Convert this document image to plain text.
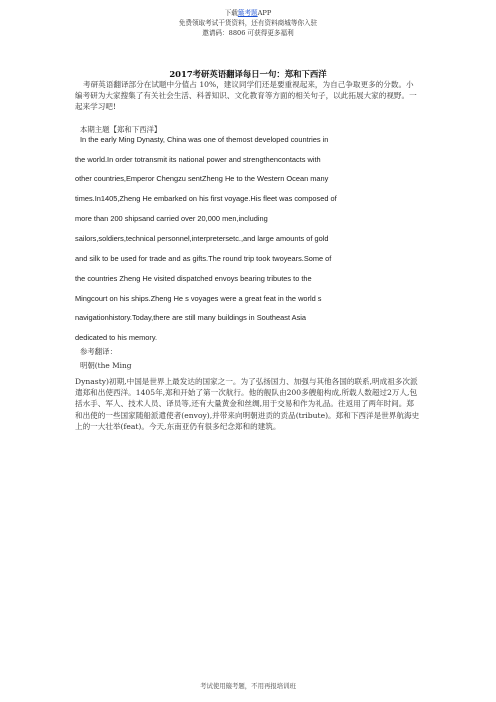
下载簸考题APP
免费领取考试干货资料，还有资料商城等你入驻
邀请码：8806 可获得更多福利
2017考研英语翻译每日一句：郑和下西洋
考研英语翻译部分在试题中分值占 10%，建议同学们还是要重视起来，为自己争取更多的分数。小编考研为大家搜集了有关社会生活、科普知识、文化教育等方面的相关句子，以此拓展大家的视野。一起来学习吧!
本期主题【郑和下西洋】
In the early Ming Dynasty, China was one of themost developed countries in
the world.In order totransmit its national power and strengthencontacts with
other countries,Emperor Chengzu sentZheng He to the Western Ocean many
times.In1405,Zheng He embarked on his first voyage.His fleet was composed of
more than 200 shipsand carried over 20,000 men,including
sailors,soldiers,technical personnel,interpretersetc.,and large amounts of gold
and silk to be used for trade and as gifts.The round trip took twoyears.Some of
the countries Zheng He visited dispatched envoys bearing tributes to the
Mingcourt on his ships.Zheng He s voyages were a great feat in the world s
navigationhistory.Today,there are still many buildings in Southeast Asia
dedicated to his memory.
参考翻译：
明朝(the Ming
Dynasty)初期,中国是世界上最发达的国家之一。为了弘扬国力、加强与其他各国的联系,明成祖多次派遣郑和出使西洋。1405年,郑和开始了第一次航行。他的舰队由200多艘船构成,所载人数超过2万人,包括水手、军人、技术人员、译员等,还有大量黄金和丝绸,用于交易和作为礼品。往返用了两年时间。郑和出使的一些国家随船派遣使者(envoy),并带来向明朝进贡的贡品(tribute)。郑和下西洋是世界航海史上的一大壮举(feat)。今天,东南亚仍有很多纪念郑和的建筑。
考试使用簸考题，不用再报培训班
